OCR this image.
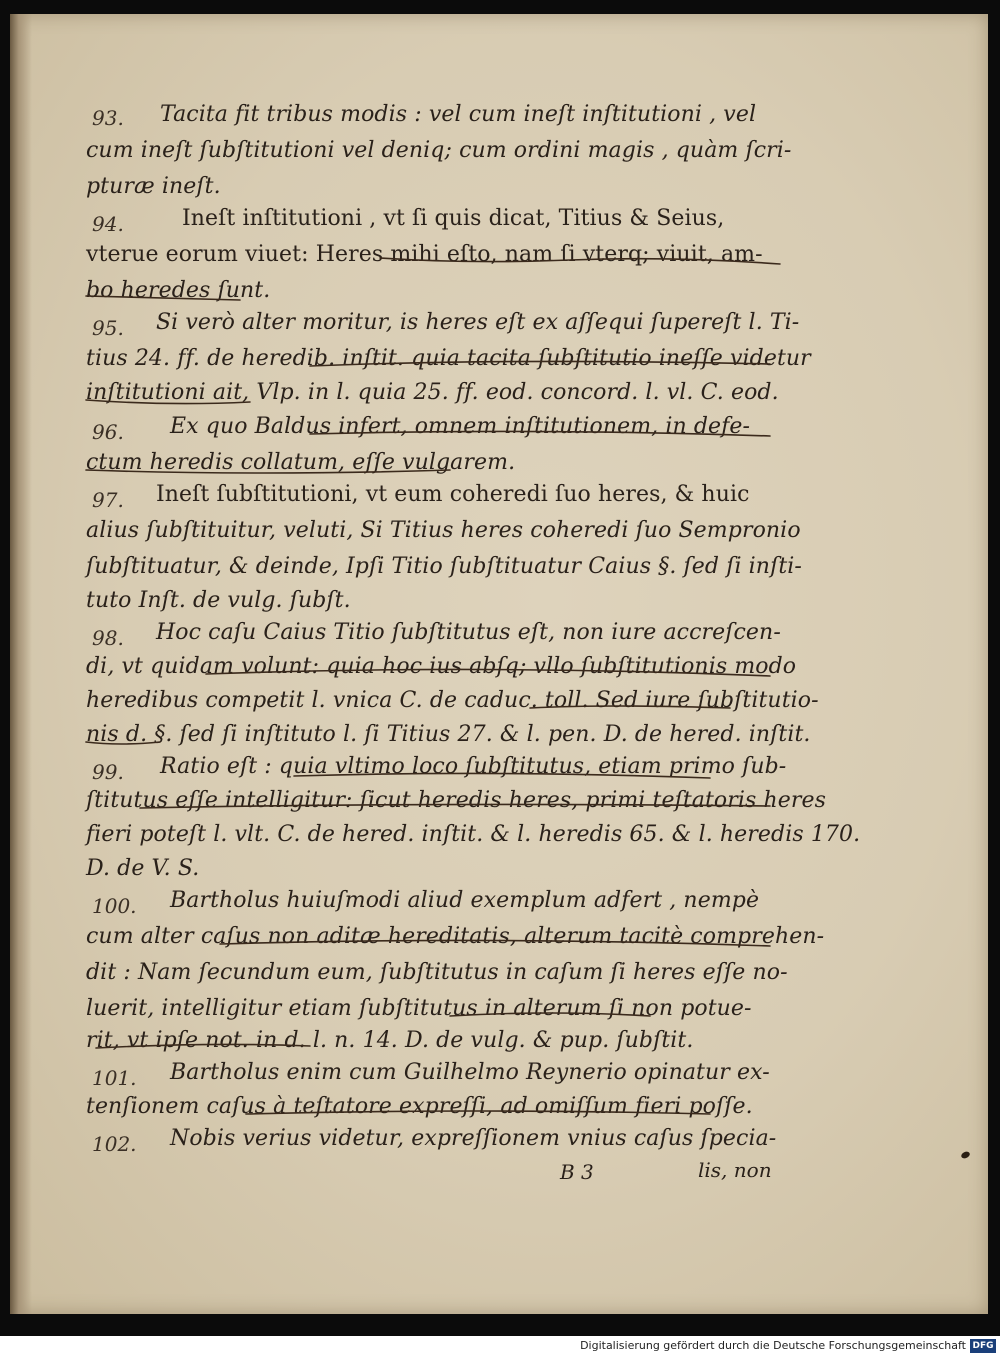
93. Tacita fit tribus modis : vel cum ineſt inſtitutioni , vel
cum ineſt ſubſtitutioni vel deniq; cum ordini magis , quàm ſcri-
pturæ ineſt.
94.	Ineſt inſtitutioni , vt ſi quis dicat, Titius & Seius,
vterue eorum viuet: Heres mihi eſto, nam ſi vterq; viuit, am-
bo heredes ſunt.
95. Si verò alter moritur, is heres eſt ex aſſequi ſupereſt l. Ti-
tius 24. ff. de heredib. inſtit. quia tacita ſubſtitutio ineſſe videtur
inſtitutioni ait, Vlp. in l. quia 25. ff. eod. concord. l. vl. C. eod.
96. Ex quo Baldus infert, omnem inſtitutionem, in defe-
ctum heredis collatum, eſſe vulgarem.
97. Ineſt ſubſtitutioni, vt eum coheredi ſuo heres, & huic
alius ſubſtituitur, veluti, Si Titius heres coheredi ſuo Sempronio
ſubſtituatur, & deinde, Ipſi Titio ſubſtituatur Caius §. ſed ſi inſti-
tuto Inſt. de vulg. ſubſt.
98. Hoc caſu Caius Titio ſubſtitutus eſt, non iure accreſcen-
di, vt quidam volunt: quia hoc ius abſq; vllo ſubſtitutionis modo
heredibus competit l. vnica C. de caduc. toll. Sed iure ſubſtitutio-
nis d. §. ſed ſi inſtituto l. ſi Titius 27. & l. pen. D. de hered. inſtit.
99. Ratio eſt : quia vltimo loco ſubſtitutus, etiam primo ſub-
ſtitutus eſſe intelligitur: ſicut heredis heres, primi teſtatoris heres
fieri poteſt l. vlt. C. de hered. inſtit. & l. heredis 65. & l. heredis 170.
D. de V. S.
100. Bartholus huiuſmodi aliud exemplum adfert , nempè
cum alter caſus non aditæ hereditatis, alterum tacitè comprehen-
dit : Nam ſecundum eum, ſubſtitutus in caſum ſi heres eſſe no-
luerit, intelligitur etiam ſubſtitutus in alterum ſi non potue-
rit, vt ipſe not. in d. l. n. 14. D. de vulg. & pup. ſubſtit.
101. Bartholus enim cum Guilhelmo Reynerio opinatur ex-
tenſionem caſus à teſtatore expreſſi, ad omiſſum fieri poſſe.
102. Nobis verius videtur, expreſſionem vnius caſus ſpecia-
B 3	lis, non
Digitalisierung gefördert durch die Deutsche Forschungsgemeinschaft DFG
